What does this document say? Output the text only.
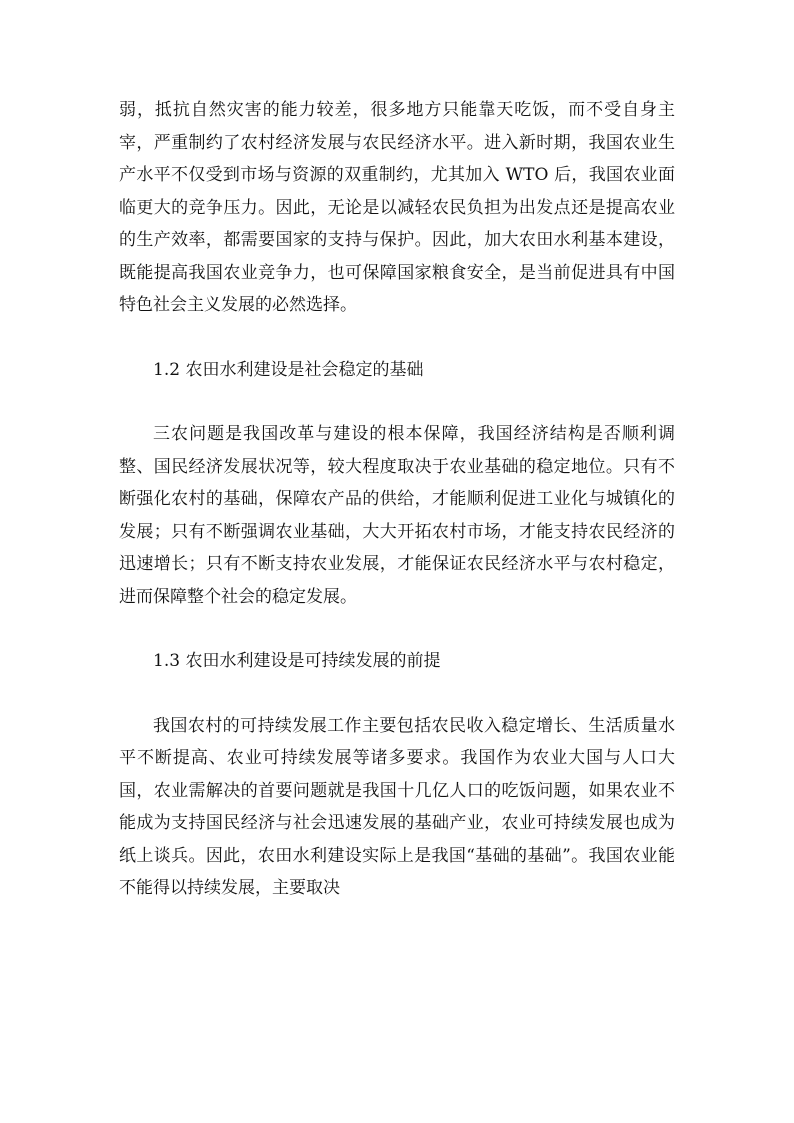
弱，抵抗自然灾害的能力较差，很多地方只能靠天吃饭，而不受自身主宰，严重制约了农村经济发展与农民经济水平。进入新时期，我国农业生产水平不仅受到市场与资源的双重制约，尤其加入 WTO 后，我国农业面临更大的竞争压力。因此，无论是以减轻农民负担为出发点还是提高农业的生产效率，都需要国家的支持与保护。因此，加大农田水利基本建设，既能提高我国农业竞争力，也可保障国家粮食安全，是当前促进具有中国特色社会主义发展的必然选择。

1.2 农田水利建设是社会稳定的基础

三农问题是我国改革与建设的根本保障，我国经济结构是否顺利调整、国民经济发展状况等，较大程度取决于农业基础的稳定地位。只有不断强化农村的基础，保障农产品的供给，才能顺利促进工业化与城镇化的发展；只有不断强调农业基础，大大开拓农村市场，才能支持农民经济的迅速增长；只有不断支持农业发展，才能保证农民经济水平与农村稳定，进而保障整个社会的稳定发展。

1.3 农田水利建设是可持续发展的前提

我国农村的可持续发展工作主要包括农民收入稳定增长、生活质量水平不断提高、农业可持续发展等诸多要求。我国作为农业大国与人口大国，农业需解决的首要问题就是我国十几亿人口的吃饭问题，如果农业不能成为支持国民经济与社会迅速发展的基础产业，农业可持续发展也成为纸上谈兵。因此，农田水利建设实际上是我国“基础的基础”。我国农业能不能得以持续发展，主要取决
